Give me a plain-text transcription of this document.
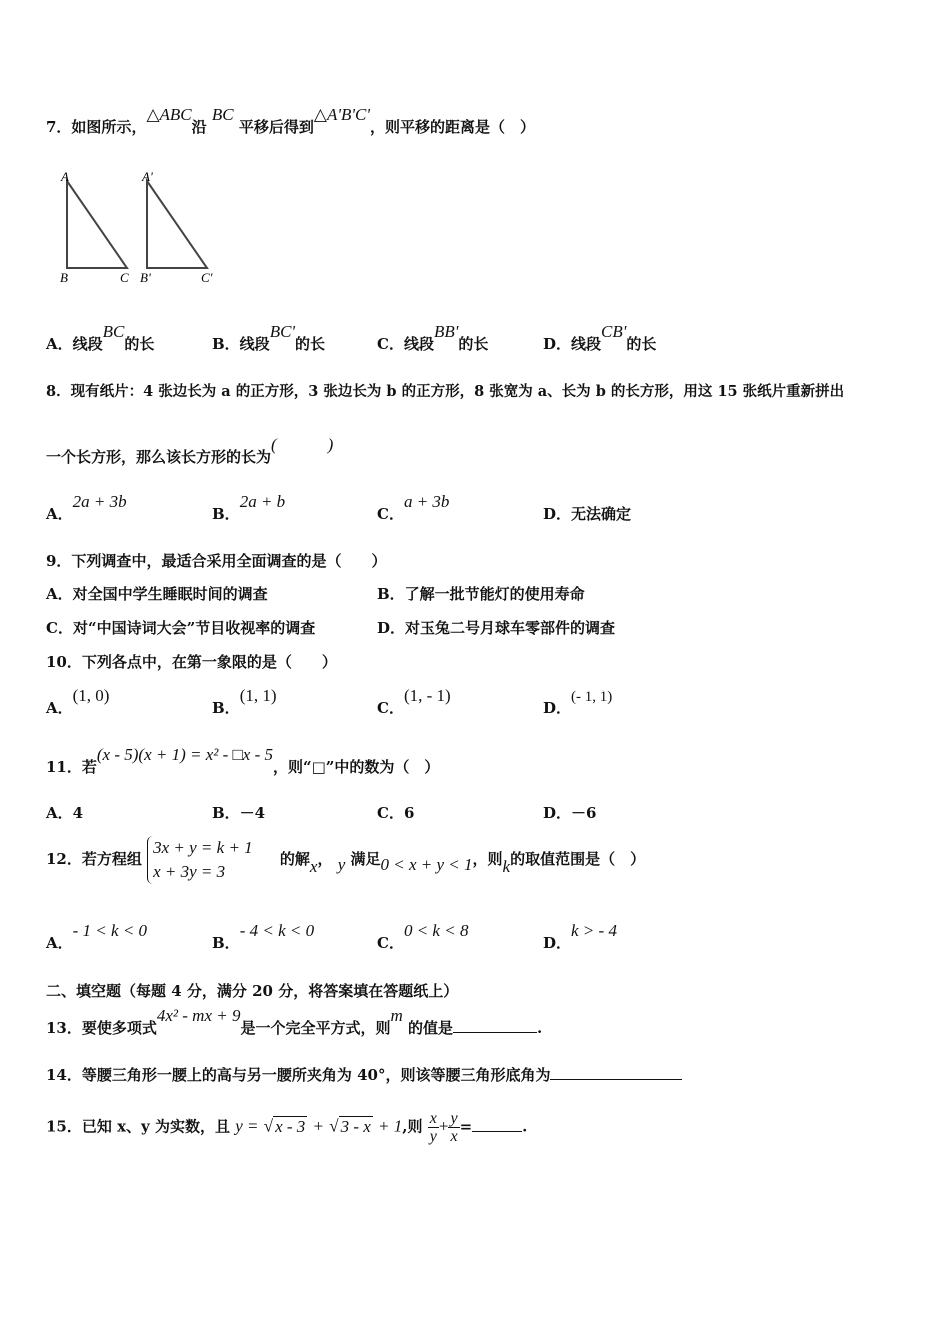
7．如图所示，△ABC沿 BC 平移后得到△A'B'C'，则平移的距离是（　）
A
B	C
A'
B'	C'
A．线段BC的长	B．线段BC'的长	C．线段BB'的长	D．线段CB'的长
8．现有纸片：4 张边长为 a 的正方形，3 张边长为 b 的正方形，8 张宽为 a、长为 b 的长方形，用这 15 张纸片重新拼出
一个长方形，那么该长方形的长为(　　　)
A．2a + 3b
B．2a + b
C．a + 3b
D．无法确定
9．下列调查中，最适合采用全面调查的是（　　）
A．对全国中学生睡眠时间的调查	B．了解一批节能灯的使用寿命
C．对“中国诗词大会”节目收视率的调查	D．对玉兔二号月球车零部件的调查
10．下列各点中，在第一象限的是（　　）
A．(1, 0)
B．(1, 1)
C．(1, - 1)
D．(- 1, 1)
11．若(x - 5)(x + 1) = x² - □x - 5，则“□”中的数为（　）
A．4	B．－4	C．6	D．－6
12．若方程组
3x + y = k + 1
x + 3y = 3
的解x， y 满足0 < x + y < 1，则k的取值范围是（　）
A．- 1 < k < 0
B．- 4 < k < 0
C．0 < k < 8
D．k > - 4
二、填空题（每题 4 分，满分 20 分，将答案填在答题纸上）
13．要使多项式4x² - mx + 9是一个完全平方式，则m 的值是	.
14．等腰三角形一腰上的高与另一腰所夹角为 40°，则该等腰三角形底角为
15．已知 x、y 为实数，且 y = √ x - 3 + √ 3 - x + 1,则 $\frac{x}{y} + \frac{y}{x}$ =	.
